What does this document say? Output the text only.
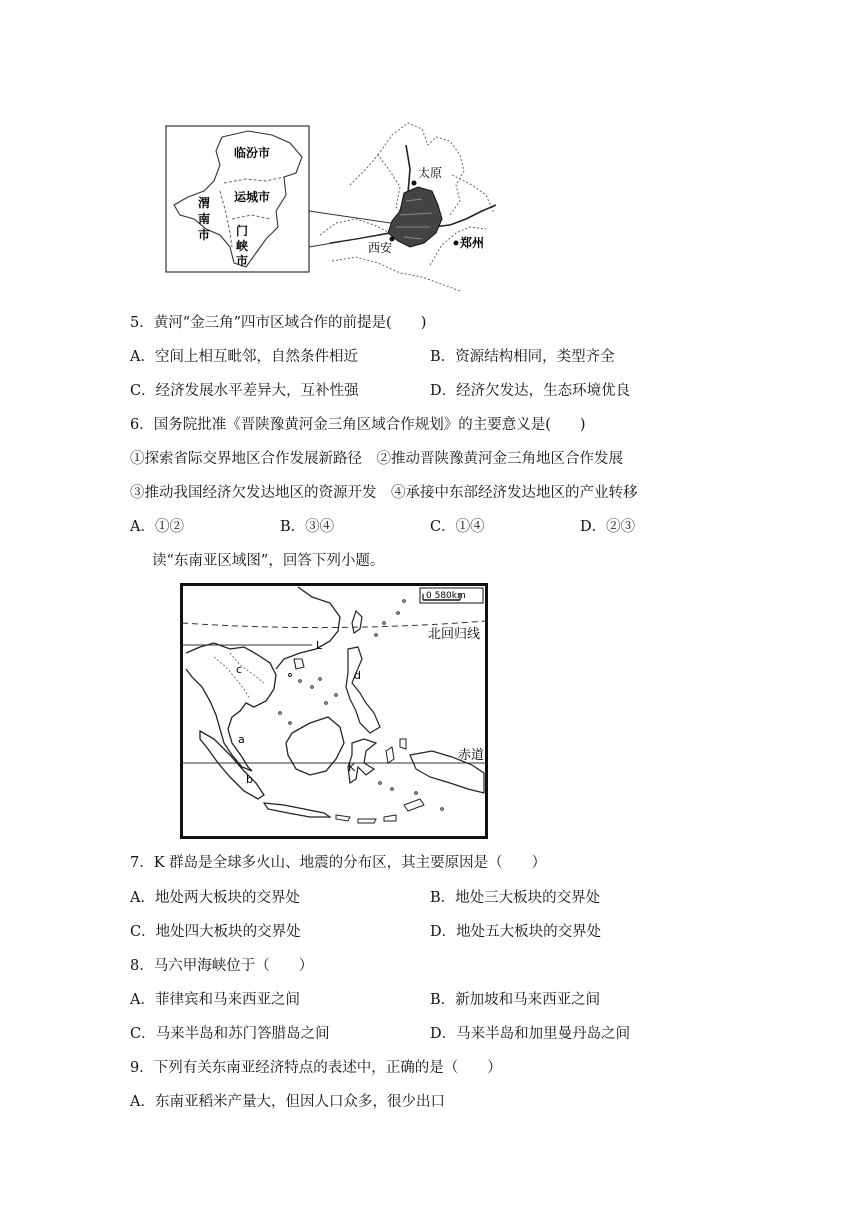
临汾市
运城市
渭
南
市 门
峡
市
太原
西安	郑州
5．黄河“金三角”四市区域合作的前提是(　　)
A．空间上相互毗邻，自然条件相近	B．资源结构相同，类型齐全
C．经济发展水平差异大，互补性强	D．经济欠发达，生态环境优良
6．国务院批准《晋陕豫黄河金三角区域合作规划》的主要意义是(　　)
①探索省际交界地区合作发展新路径　②推动晋陕豫黄河金三角地区合作发展
③推动我国经济欠发达地区的资源开发　④承接中东部经济发达地区的产业转移
A．①②	B．③④	C．①④	D．②③
读“东南亚区域图”，回答下列小题。
0 580km
北回归线
赤道
L
c	d
a
b
K
7．K 群岛是全球多火山、地震的分布区，其主要原因是（　　）
A．地处两大板块的交界处	B．地处三大板块的交界处
C．地处四大板块的交界处	D．地处五大板块的交界处
8．马六甲海峡位于（　　）
A．菲律宾和马来西亚之间	B．新加坡和马来西亚之间
C．马来半岛和苏门答腊岛之间	D．马来半岛和加里曼丹岛之间
9．下列有关东南亚经济特点的表述中，正确的是（　　）
A．东南亚稻米产量大，但因人口众多，很少出口
